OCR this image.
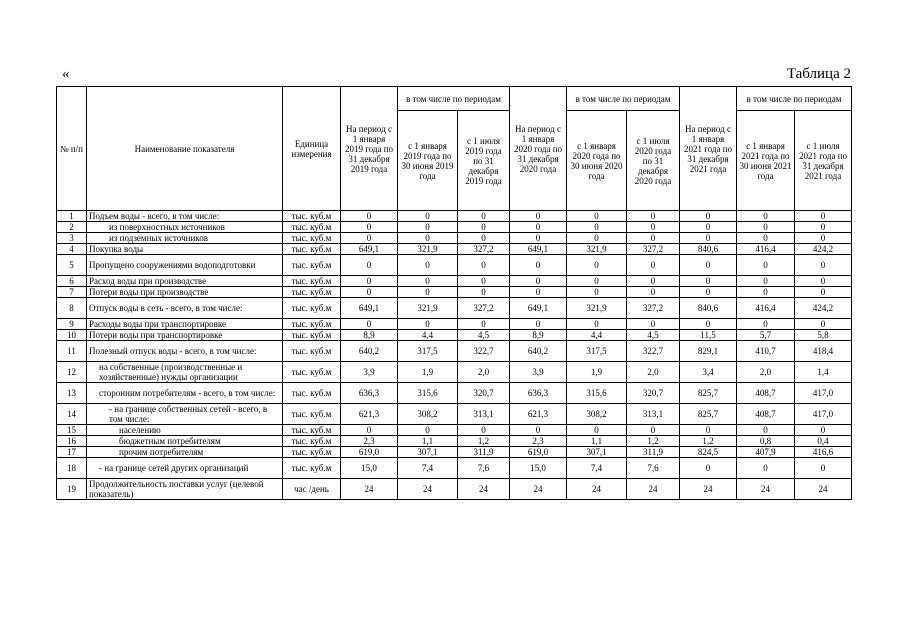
«	Таблица 2
№ п/п	Наименование показателя	Единица измерения	На период с 1 января 2019 года по 31 декабря 2019 года	в том числе по периодам		На период с 1 января 2020 года по 31 декабря 2020 года	в том числе по периодам		На период с 1 января 2021 года по 31 декабря 2021 года	в том числе по периодам	
				с 1 января 2019 года по 30 июня 2019 года	с 1 июля 2019 года по 31 декабря 2019 года		с 1 января 2020 года по 30 июня 2020 года	с 1 июля 2020 года по 31 декабря 2020 года		с 1 января 2021 года по 30 июня 2021 года	с 1 июля 2021 года по 31 декабря 2021 года
1	Подъем воды - всего, в том числе:	тыс. куб.м	0	0	0	0	0	0	0	0	0
2	из поверхностных источников	тыс. куб.м	0	0	0	0	0	0	0	0	0
3	из подземных источников	тыс. куб.м	0	0	0	0	0	0	0	0	0
4	Покупка воды	тыс. куб.м	649,1	321,9	327,2	649,1	321,9	327,2	840,6	416,4	424,2
5	Пропущено сооружениями водоподготовки	тыс. куб.м	0	0	0	0	0	0	0	0	0
6	Расход воды при производстве	тыс. куб.м	0	0	0	0	0	0	0	0	0
7	Потери воды при производстве	тыс. куб.м	0	0	0	0	0	0	0	0	0
8	Отпуск воды в сеть - всего, в том числе:	тыс. куб.м	649,1	321,9	327,2	649,1	321,9	327,2	840,6	416,4	424,2
9	Расходы воды при транспортировке	тыс. куб.м	0	0	0	0	0	0	0	0	0
10	Потери воды при транспортировке	тыс. куб.м	8,9	4,4	4,5	8,9	4,4	4,5	11,5	5,7	5,8
11	Полезный отпуск воды - всего, в том числе:	тыс. куб.м	640,2	317,5	322,7	640,2	317,5	322,7	829,1	410,7	418,4
12	на собственные (производственные и хозяйственные) нужды организации	тыс. куб.м	3,9	1,9	2,0	3,9	1,9	2,0	3,4	2,0	1,4
13	сторонним потребителям - всего, в том числе:	тыс. куб.м	636,3	315,6	320,7	636,3	315,6	320,7	825,7	408,7	417,0
14	- на границе собственных сетей - всего, в том числе:	тыс. куб.м	621,3	308,2	313,1	621,3	308,2	313,1	825,7	408,7	417,0
15	населению	тыс. куб.м	0	0	0	0	0	0	0	0	0
16	бюджетным потребителям	тыс. куб.м	2,3	1,1	1,2	2,3	1,1	1,2	1,2	0,8	0,4
17	прочим потребителям	тыс. куб.м	619,0	307,1	311,9	619,0	307,1	311,9	824,5	407,9	416,6
18	- на границе сетей других организаций	тыс. куб.м	15,0	7,4	7,6	15,0	7,4	7,6	0	0	0
19	Продолжительность поставки услуг (целевой показатель)	час /день	24	24	24	24	24	24	24	24	24
